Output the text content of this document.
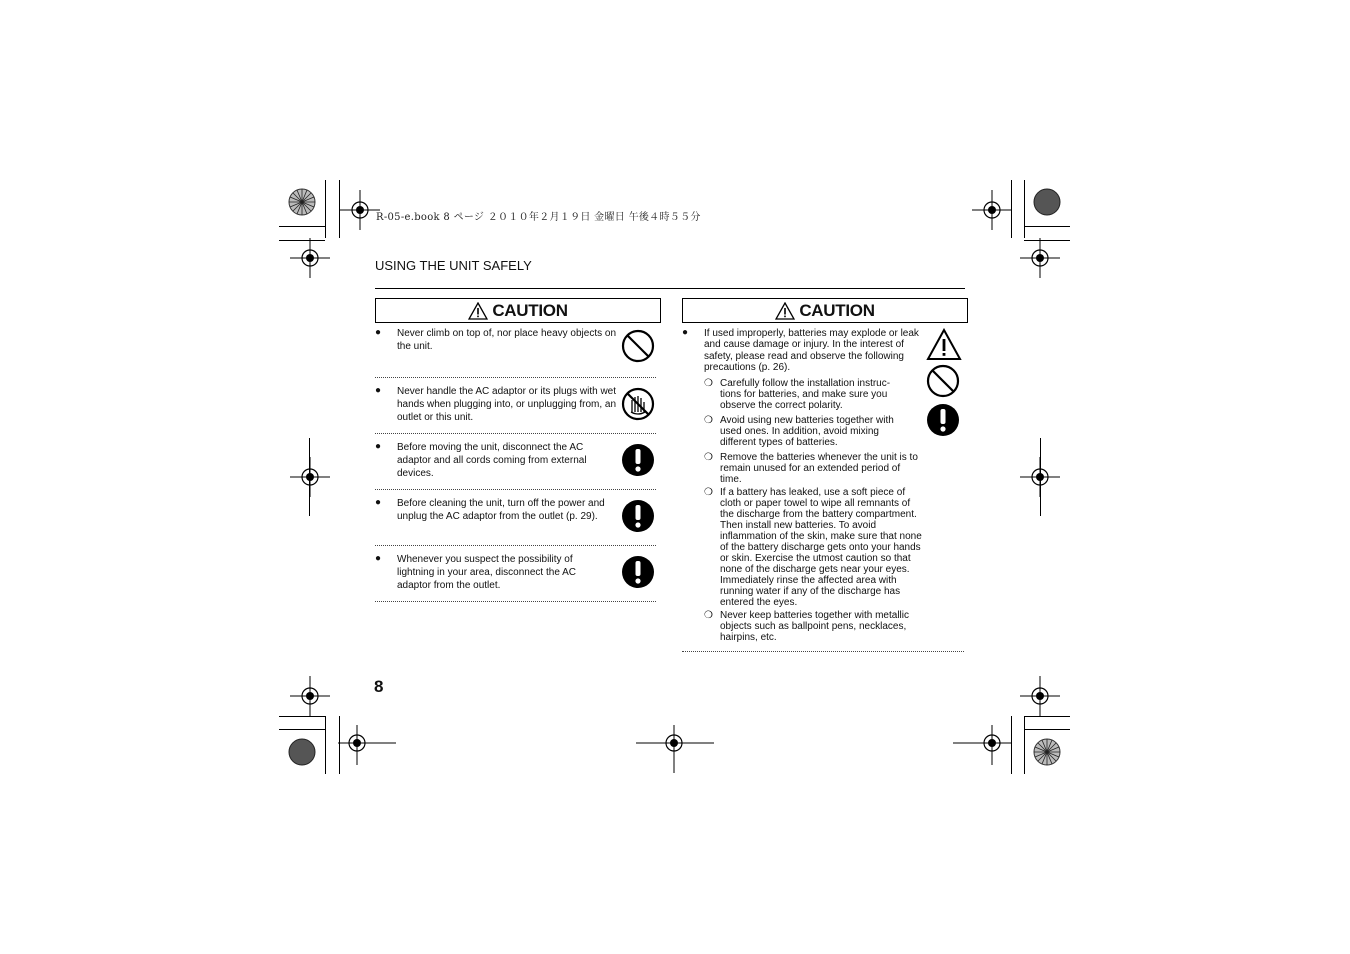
R-05-e.book 8 ページ ２０１０年２月１９日 金曜日 午後４時５５分
USING THE UNIT SAFELY
CAUTION
● Never climb on top of, nor place heavy objects on the unit.
● Never handle the AC adaptor or its plugs with wet hands when plugging into, or unplugging from, an outlet or this unit.
● Before moving the unit, disconnect the AC adaptor and all cords coming from external devices.
● Before cleaning the unit, turn off the power and unplug the AC adaptor from the outlet (p. 29).
● Whenever you suspect the possibility of lightning in your area, disconnect the AC adaptor from the outlet.
CAUTION
● If used improperly, batteries may explode or leak and cause damage or injury. In the interest of safety, please read and observe the following precautions (p. 26).
❍ Carefully follow the installation instruc-tions for batteries, and make sure you observe the correct polarity.
❍ Avoid using new batteries together with used ones. In addition, avoid mixing different types of batteries.
❍ Remove the batteries whenever the unit is to remain unused for an extended period of time.
❍ If a battery has leaked, use a soft piece of cloth or paper towel to wipe all remnants of the discharge from the battery compartment. Then install new batteries. To avoid inflammation of the skin, make sure that none of the battery discharge gets onto your hands or skin. Exercise the utmost caution so that none of the discharge gets near your eyes. Immediately rinse the affected area with running water if any of the discharge has entered the eyes.
❍ Never keep batteries together with metallic objects such as ballpoint pens, necklaces, hairpins, etc.
8
